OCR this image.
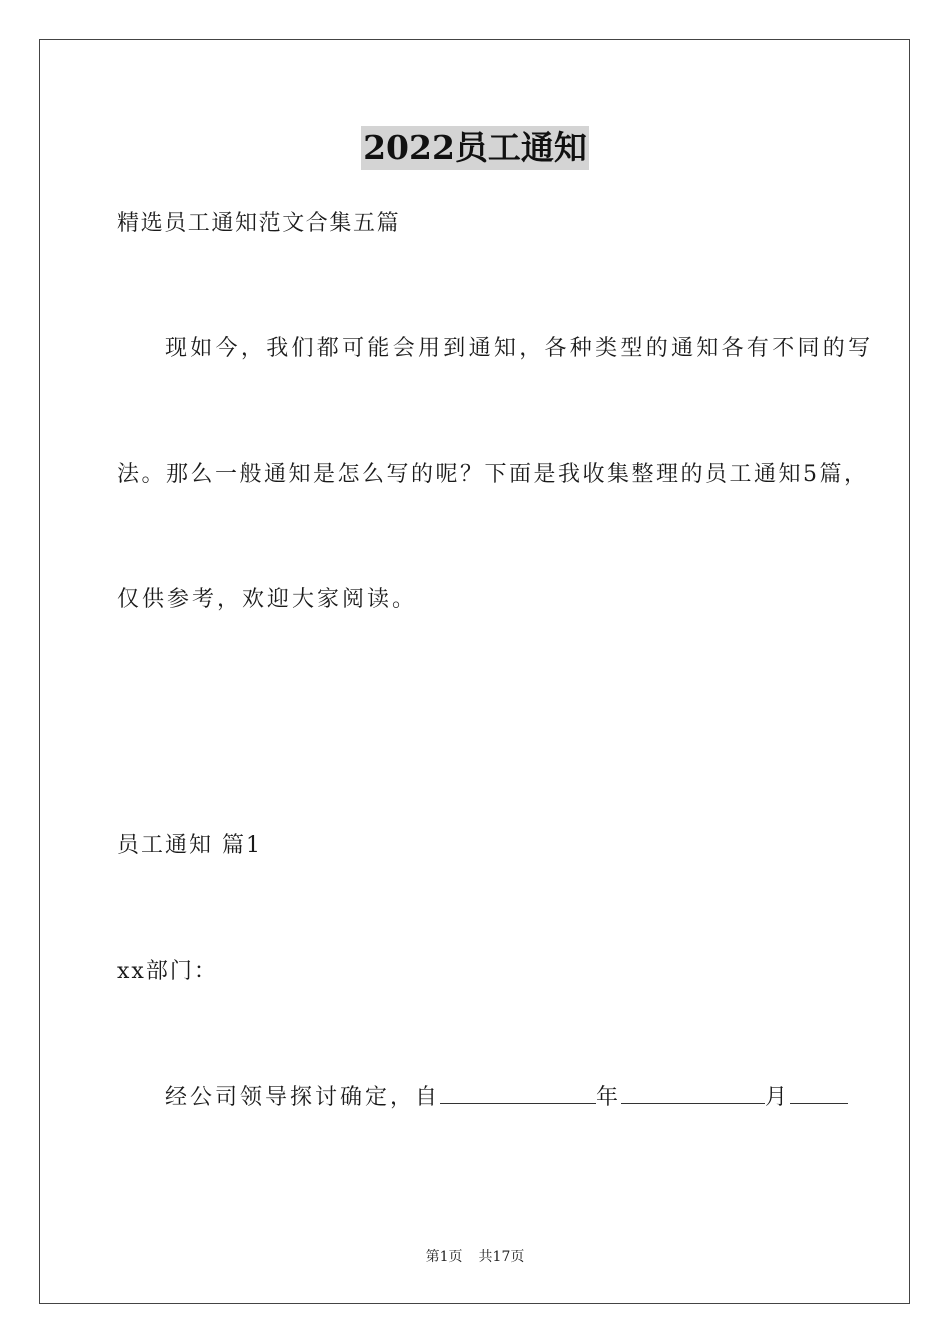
2022员工通知
精选员工通知范文合集五篇
现如今，我们都可能会用到通知，各种类型的通知各有不同的写
法。那么一般通知是怎么写的呢？下面是我收集整理的员工通知5篇，
仅供参考，欢迎大家阅读。
员工通知 篇1
xx部门：
经公司领导探讨确定，自	年	月
第1页 共17页
